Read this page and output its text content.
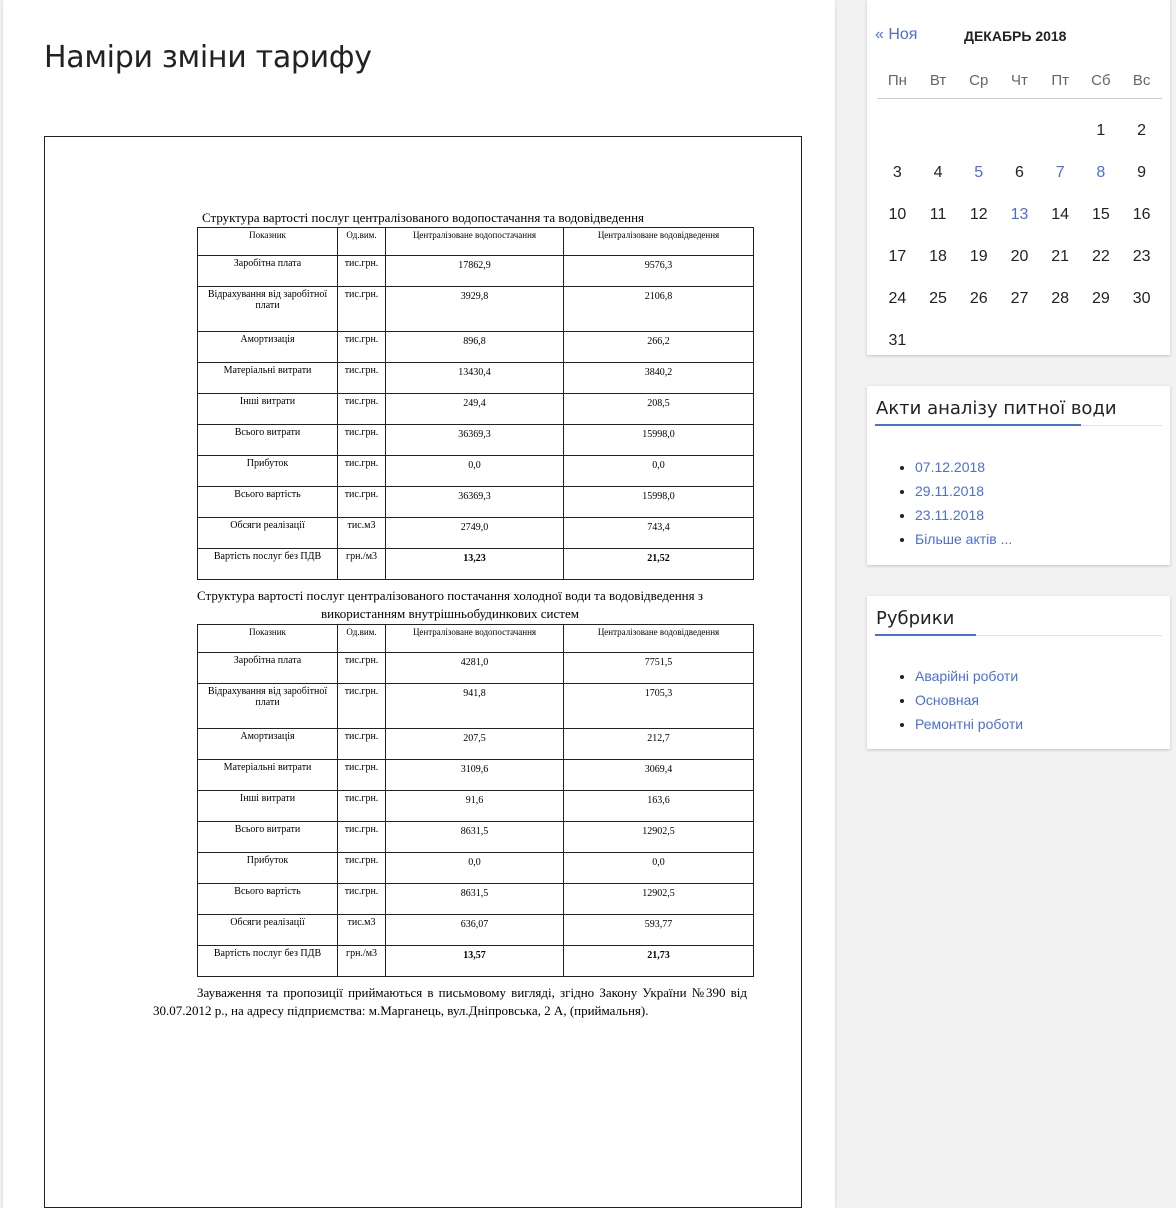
Наміри зміни тарифу
Структура вартості послуг централізованого водопостачання та водовідведення
Показник	Од.вим.	Централізоване водопостачання	Централізоване водовідведення
Заробітна плата	тис.грн.	17862,9	9576,3
Відрахування від заробітної плати	тис.грн.	3929,8	2106,8
Амортизація	тис.грн.	896,8	266,2
Матеріальні витрати	тис.грн.	13430,4	3840,2
Інші витрати	тис.грн.	249,4	208,5
Всього витрати	тис.грн.	36369,3	15998,0
Прибуток	тис.грн.	0,0	0,0
Всього вартість	тис.грн.	36369,3	15998,0
Обсяги реалізації	тис.м3	2749,0	743,4
Вартість послуг без ПДВ	грн./м3	13,23	21,52
Структура вартості послуг централізованого постачання холодної води та водовідведення з використанням внутрішньобудинкових систем
Показник	Од.вим.	Централізоване водопостачання	Централізоване водовідведення
Заробітна плата	тис.грн.	4281,0	7751,5
Відрахування від заробітної плати	тис.грн.	941,8	1705,3
Амортизація	тис.грн.	207,5	212,7
Матеріальні витрати	тис.грн.	3109,6	3069,4
Інші витрати	тис.грн.	91,6	163,6
Всього витрати	тис.грн.	8631,5	12902,5
Прибуток	тис.грн.	0,0	0,0
Всього вартість	тис.грн.	8631,5	12902,5
Обсяги реалізації	тис.м3	636,07	593,77
Вартість послуг без ПДВ	грн./м3	13,57	21,73
Зауваження та пропозиції приймаються в письмовому вигляді, згідно Закону України №390 від 30.07.2012 р., на адресу підприємства: м.Марганець, вул.Дніпровська, 2 А, (приймальня).
« Ноя	ДЕКАБРЬ 2018
Пн	Вт	Ср	Чт	Пт	Сб	Вс

					1	2
3	4	5	6	7	8	9
10	11	12	13	14	15	16
17	18	19	20	21	22	23
24	25	26	27	28	29	30
31						
Акти аналізу питної води
• 07.12.2018
• 29.11.2018
• 23.11.2018
• Більше актів ...
Рубрики
• Аварійні роботи
• Основная
• Ремонтні роботи
